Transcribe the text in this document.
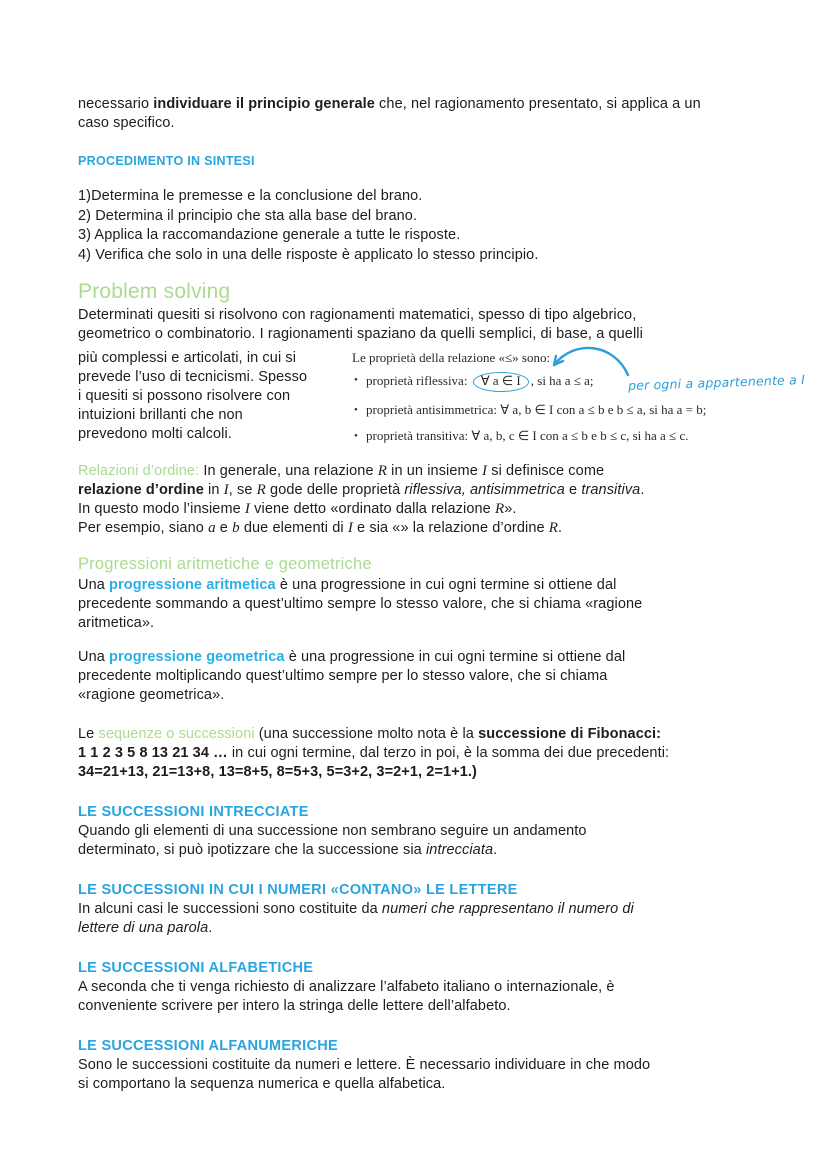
necessario individuare il principio generale che, nel ragionamento presentato, si applica a un
caso specifico.

PROCEDIMENTO IN SINTESI
1)Determina le premesse e la conclusione del brano.
2) Determina il principio che sta alla base del brano.
3) Applica la raccomandazione generale a tutte le risposte.
4) Verifica che solo in una delle risposte è applicato lo stesso principio.
Problem solving

Determinati quesiti si risolvono con ragionamenti matematici, spesso di tipo algebrico,
geometrico o combinatorio. I ragionamenti spaziano da quelli semplici, di base, a quelli

più complessi e articolati, in cui si
prevede l’uso di tecnicismi. Spesso
i quesiti si possono risolvere con
intuizioni brillanti che non
prevedono molti calcoli.
Le proprietà della relazione «≤» sono:
• proprietà riflessiva: ∀ a ∈ I , si ha a ≤ a;
• proprietà antisimmetrica: ∀ a, b ∈ I con a ≤ b e b ≤ a, si ha a = b;
• proprietà transitiva: ∀ a, b, c ∈ I con a ≤ b e b ≤ c, si ha a ≤ c.
per ogni a appartenente a I

Relazioni d’ordine: In generale, una relazione R in un insieme I si definisce come
relazione d’ordine in I, se R gode delle proprietà riflessiva, antisimmetrica e transitiva.
In questo modo l’insieme I viene detto «ordinato dalla relazione R».
Per esempio, siano a e b due elementi di I e sia «» la relazione d’ordine R.

Progressioni aritmetiche e geometriche

Una progressione aritmetica è una progressione in cui ogni termine si ottiene dal
precedente sommando a quest’ultimo sempre lo stesso valore, che si chiama «ragione
aritmetica».

Una progressione geometrica è una progressione in cui ogni termine si ottiene dal
precedente moltiplicando quest’ultimo sempre per lo stesso valore, che si chiama
«ragione geometrica».

Le sequenze o successioni (una successione molto nota è la successione di Fibonacci:
1 1 2 3 5 8 13 21 34 … in cui ogni termine, dal terzo in poi, è la somma dei due precedenti:
34=21+13, 21=13+8, 13=8+5, 8=5+3, 5=3+2, 3=2+1, 2=1+1.)

LE SUCCESSIONI INTRECCIATE

Quando gli elementi di una successione non sembrano seguire un andamento
determinato, si può ipotizzare che la successione sia intrecciata.

LE SUCCESSIONI IN CUI I NUMERI «CONTANO» LE LETTERE

In alcuni casi le successioni sono costituite da numeri che rappresentano il numero di
lettere di una parola.

LE SUCCESSIONI ALFABETICHE

A seconda che ti venga richiesto di analizzare l’alfabeto italiano o internazionale, è
conveniente scrivere per intero la stringa delle lettere dell’alfabeto.

LE SUCCESSIONI ALFANUMERICHE

Sono le successioni costituite da numeri e lettere. È necessario individuare in che modo
si comportano la sequenza numerica e quella alfabetica.
